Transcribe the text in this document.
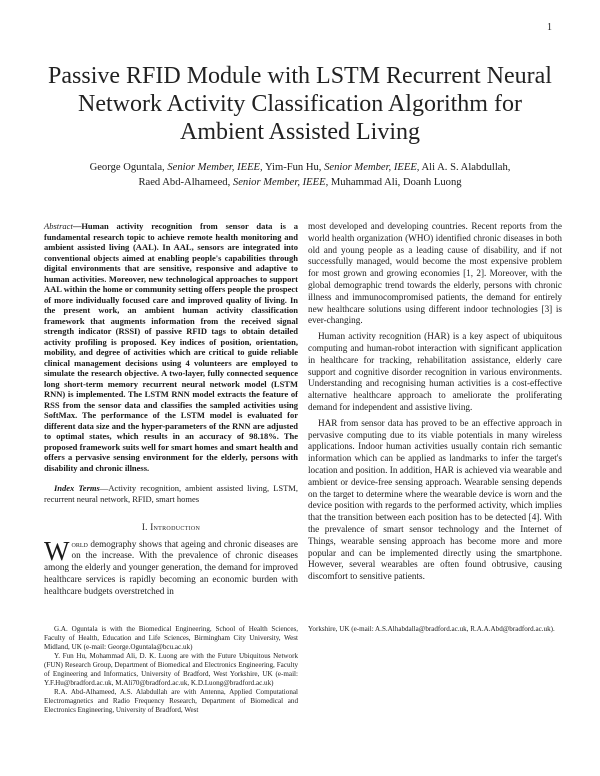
1
Passive RFID Module with LSTM Recurrent Neural Network Activity Classification Algorithm for Ambient Assisted Living
George Oguntala, Senior Member, IEEE, Yim-Fun Hu, Senior Member, IEEE, Ali A. S. Alabdullah,
Raed Abd-Alhameed, Senior Member, IEEE, Muhammad Ali, Doanh Luong

Abstract—Human activity recognition from sensor data is a fundamental research topic to achieve remote health monitoring and ambient assisted living (AAL). In AAL, sensors are integrated into conventional objects aimed at enabling people's capabilities through digital environments that are sensitive, responsive and adaptive to human activities. Moreover, new technological approaches to support AAL within the home or community setting offers people the prospect of more individually focused care and improved quality of living. In the present work, an ambient human activity classification framework that augments information from the received signal strength indicator (RSSI) of passive RFID tags to obtain detailed activity profiling is proposed. Key indices of position, orientation, mobility, and degree of activities which are critical to guide reliable clinical management decisions using 4 volunteers are employed to simulate the research objective. A two-layer, fully connected sequence long short-term memory recurrent neural network model (LSTM RNN) is implemented. The LSTM RNN model extracts the feature of RSS from the sensor data and classifies the sampled activities using SoftMax. The performance of the LSTM model is evaluated for different data size and the hyper-parameters of the RNN are adjusted to optimal states, which results in an accuracy of 98.18%. The proposed framework suits well for smart homes and smart health and offers a pervasive sensing environment for the elderly, persons with disability and chronic illness.

Index Terms—Activity recognition, ambient assisted living, LSTM, recurrent neural network, RFID, smart homes

I. Introduction

World demography shows that ageing and chronic diseases are on the increase. With the prevalence of chronic diseases among the elderly and younger generation, the demand for improved healthcare services is rapidly becoming an economic burden with healthcare budgets overstretched in

most developed and developing countries. Recent reports from the world health organization (WHO) identified chronic diseases in both old and young people as a leading cause of disability, and if not successfully managed, would become the most expensive problem for most grown and growing economies [1, 2]. Moreover, with the global demographic trend towards the elderly, persons with chronic illness and immunocompromised patients, the demand for entirely new healthcare solutions using different indoor technologies [3] is ever-changing.

Human activity recognition (HAR) is a key aspect of ubiquitous computing and human-robot interaction with significant application in healthcare for tracking, rehabilitation assistance, elderly care support and cognitive disorder recognition in various environments. Understanding and recognising human activities is a cost-effective alternative healthcare approach to ameliorate the proliferating demand for independent and assistive living.

HAR from sensor data has proved to be an effective approach in pervasive computing due to its viable potentials in many wireless applications. Indoor human activities usually contain rich semantic information which can be applied as landmarks to infer the target's location and position. In addition, HAR is achieved via wearable and ambient or device-free sensing approach. Wearable sensing depends on the target to determine where the wearable device is worn and the device position with regards to the performed activity, which implies that the transition between each position has to be detected [4]. With the prevalence of smart sensor technology and the Internet of Things, wearable sensing approach has become more and more popular and can be implemented directly using the smartphone. However, several wearables are often found obtrusive, causing discomfort to sensitive patients.

G.A. Oguntala is with the Biomedical Engineering, School of Health Sciences, Faculty of Health, Education and Life Sciences, Birmingham City University, West Midland, UK (e-mail: George.Oguntala@bcu.ac.uk)

Y. Fun Hu, Mohammad Ali, D. K. Luong are with the Future Ubiquitous Network (FUN) Research Group, Department of Biomedical and Electronics Engineering, Faculty of Engineering and Informatics, University of Bradford, West Yorkshire, UK (e-mail: Y.F.Hu@bradford.ac.uk, M.Ali70@bradford.ac.uk, K.D.Luong@bradford.ac.uk)

R.A. Abd-Alhameed, A.S. Alabdullah are with Antenna, Applied Computational Electromagnetics and Radio Frequency Research, Department of Biomedical and Electronics Engineering, University of Bradford, West

Yorkshire, UK (e-mail: A.S.Alhabdalla@bradford.ac.uk, R.A.A.Abd@bradford.ac.uk).
